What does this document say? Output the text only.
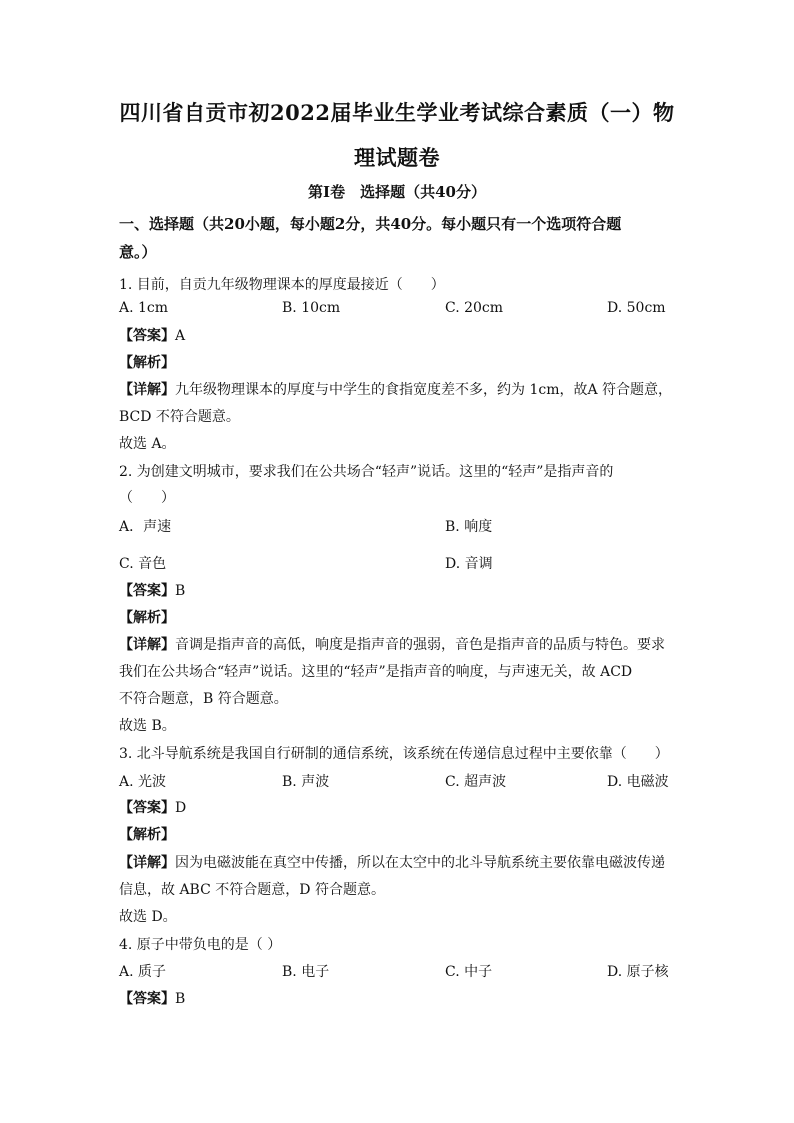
四川省自贡市初2022届毕业生学业考试综合素质（一）物
理试题卷
第Ⅰ卷　选择题（共40分）
一、选择题（共20小题，每小题2分，共40分。每小题只有一个选项符合题
意。）
1. 目前，自贡九年级物理课本的厚度最接近（　　）
A. 1cm	B. 10cm	C. 20cm	D. 50cm
【答案】A
【解析】
【详解】九年级物理课本的厚度与中学生的食指宽度差不多，约为 1cm，故A 符合题意，
BCD 不符合题意。
故选 A。
2. 为创建文明城市，要求我们在公共场合“轻声”说话。这里的“轻声”是指声音的
（　　）
A．声速	B. 响度
C. 音色	D. 音调
【答案】B
【解析】
【详解】音调是指声音的高低，响度是指声音的强弱，音色是指声音的品质与特色。要求
我们在公共场合“轻声”说话。这里的“轻声”是指声音的响度，与声速无关，故 ACD
不符合题意，B 符合题意。
故选 B。
3. 北斗导航系统是我国自行研制的通信系统，该系统在传递信息过程中主要依靠（　　）
A. 光波	B. 声波	C. 超声波	D. 电磁波
【答案】D
【解析】
【详解】因为电磁波能在真空中传播，所以在太空中的北斗导航系统主要依靠电磁波传递
信息，故 ABC 不符合题意，D 符合题意。
故选 D。
4. 原子中带负电的是（ ）
A. 质子	B. 电子	C. 中子	D. 原子核
【答案】B
